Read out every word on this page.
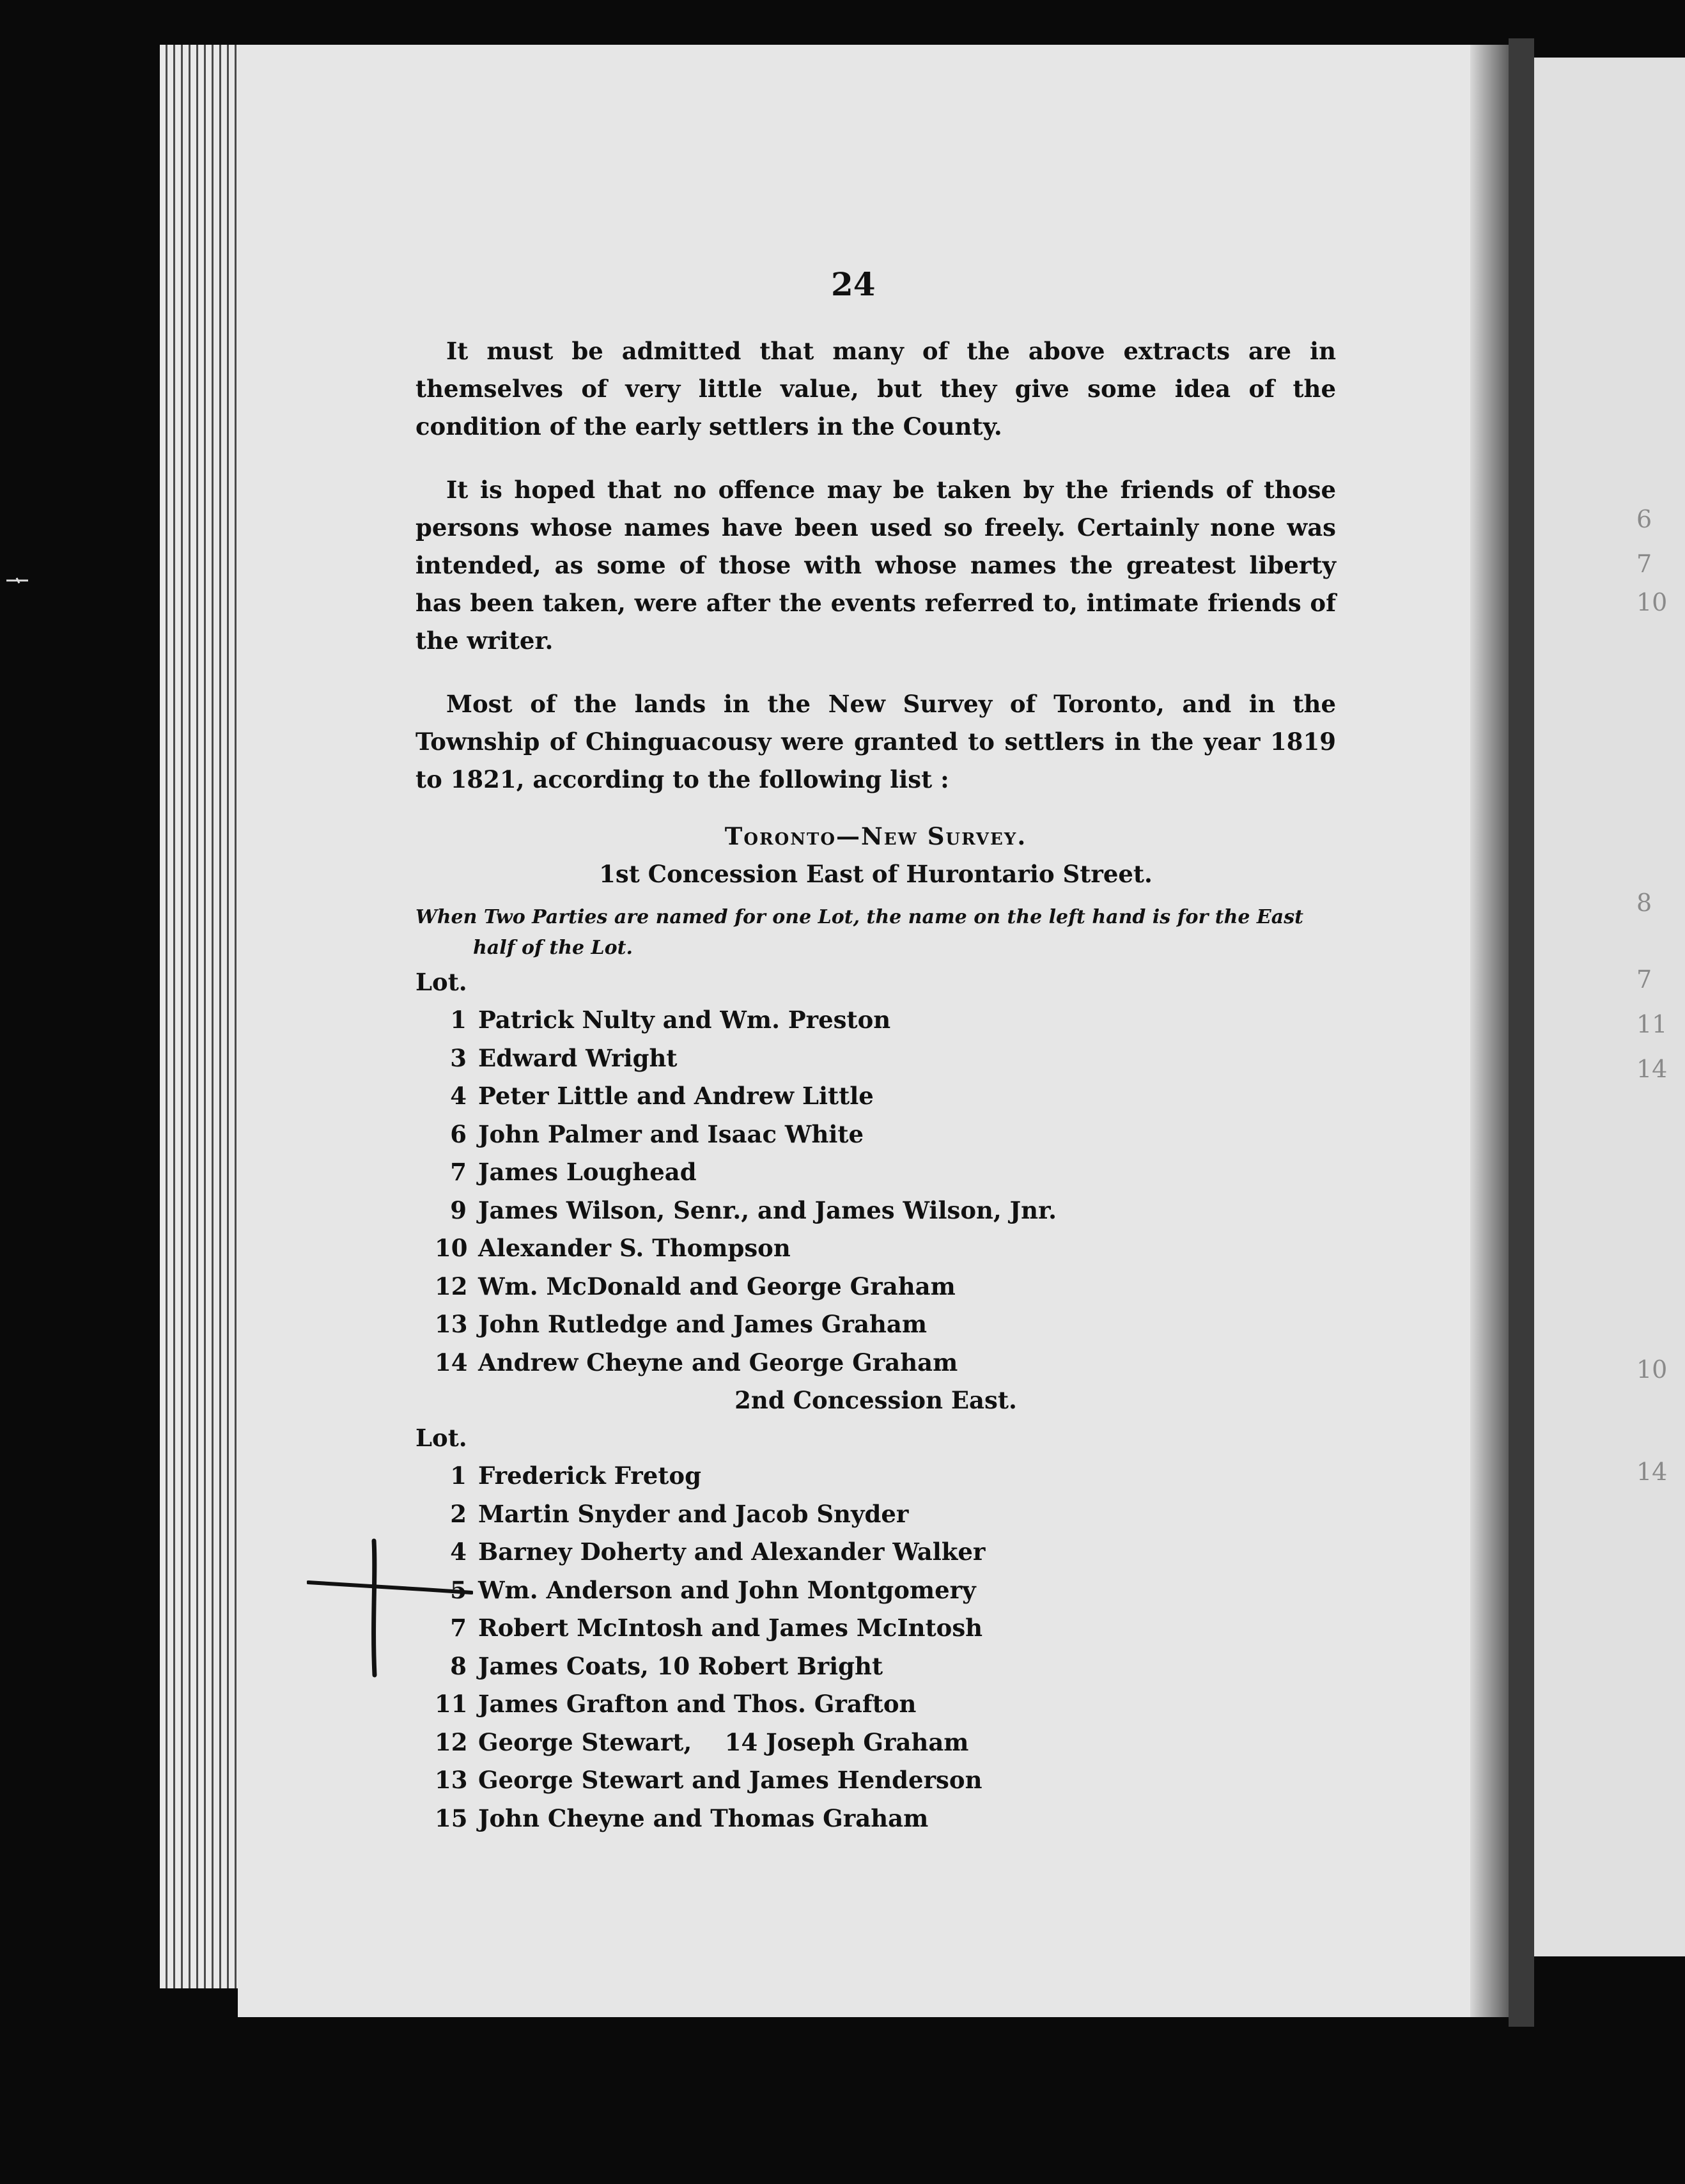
6
7
10
8
7
11
14
10
14
24

It must be admitted that many of the above extracts are in themselves of very little value, but they give some idea of the condition of the early settlers in the County.

It is hoped that no offence may be taken by the friends of those persons whose names have been used so freely. Certainly none was intended, as some of those with whose names the greatest liberty has been taken, were after the events referred to, intimate friends of the writer.

Most of the lands in the New Survey of Toronto, and in the Township of Chinguacousy were granted to settlers in the year 1819 to 1821, according to the following list :

Toronto—New Survey.
1st Concession East of Hurontario Street.

When Two Parties are named for one Lot, the name on the left hand is for the East half of the Lot.

Lot.
1 Patrick Nulty and Wm. Preston
3 Edward Wright
4 Peter Little and Andrew Little
6 John Palmer and Isaac White
7 James Loughead
9 James Wilson, Senr., and James Wilson, Jnr.
10 Alexander S. Thompson
12 Wm. McDonald and George Graham
13 John Rutledge and James Graham
14 Andrew Cheyne and George Graham
2nd Concession East.
Lot.
1 Frederick Fretog
2 Martin Snyder and Jacob Snyder
4 Barney Doherty and Alexander Walker
5 Wm. Anderson and John Montgomery
7 Robert McIntosh and James McIntosh
8 James Coats, 10 Robert Bright
11 James Grafton and Thos. Grafton
12 George Stewart,    14 Joseph Graham
13 George Stewart and James Henderson
15 John Cheyne and Thomas Graham
